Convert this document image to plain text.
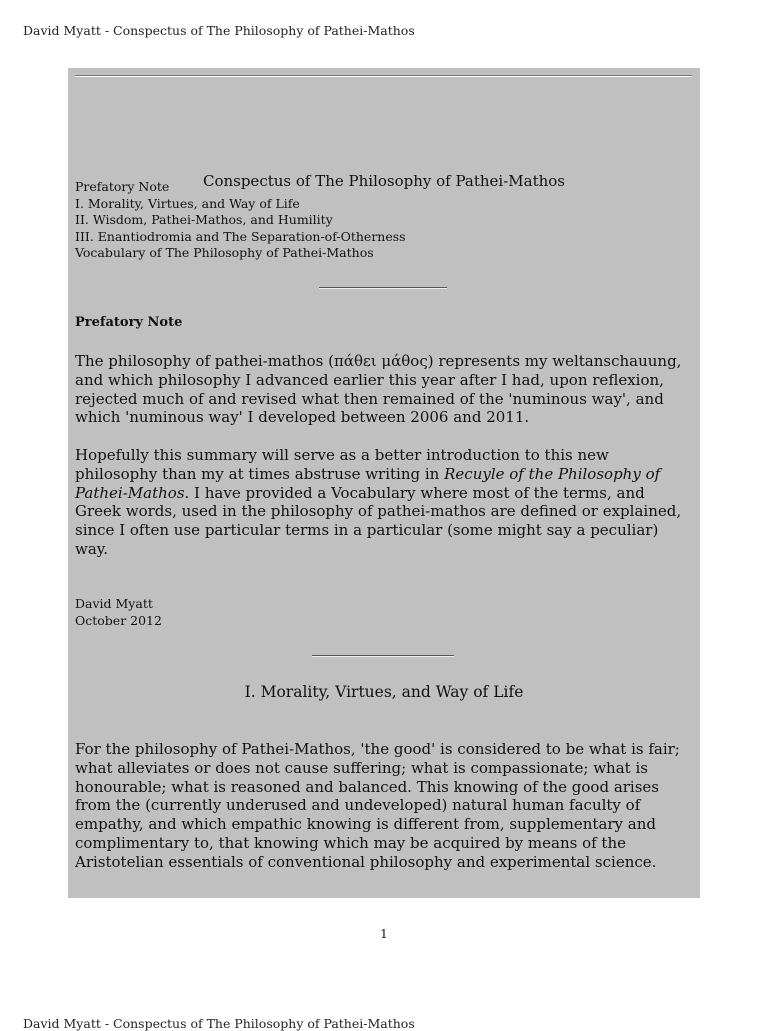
David Myatt - Conspectus of The Philosophy of Pathei-Mathos
Conspectus of The Philosophy of Pathei-Mathos
Prefatory Note
I. Morality, Virtues, and Way of Life
II. Wisdom, Pathei-Mathos, and Humility
III. Enantiodromia and The Separation-of-Otherness
Vocabulary of The Philosophy of Pathei-Mathos
Prefatory Note

The philosophy of pathei-mathos (πάθει μάθος) represents my weltanschauung, and which philosophy I advanced earlier this year after I had, upon reflexion, rejected much of and revised what then remained of the 'numinous way', and which 'numinous way' I developed between 2006 and 2011.

Hopefully this summary will serve as a better introduction to this new philosophy than my at times abstruse writing in Recuyle of the Philosophy of Pathei-Mathos. I have provided a Vocabulary where most of the terms, and Greek words, used in the philosophy of pathei-mathos are defined or explained, since I often use particular terms in a particular (some might say a peculiar) way.

David Myatt
October 2012
I. Morality, Virtues, and Way of Life

For the philosophy of Pathei-Mathos, 'the good' is considered to be what is fair; what alleviates or does not cause suffering; what is compassionate; what is honourable; what is reasoned and balanced. This knowing of the good arises from the (currently underused and undeveloped) natural human faculty of empathy, and which empathic knowing is different from, supplementary and complimentary to, that knowing which may be acquired by means of the Aristotelian essentials of conventional philosophy and experimental science.

1
David Myatt - Conspectus of The Philosophy of Pathei-Mathos
